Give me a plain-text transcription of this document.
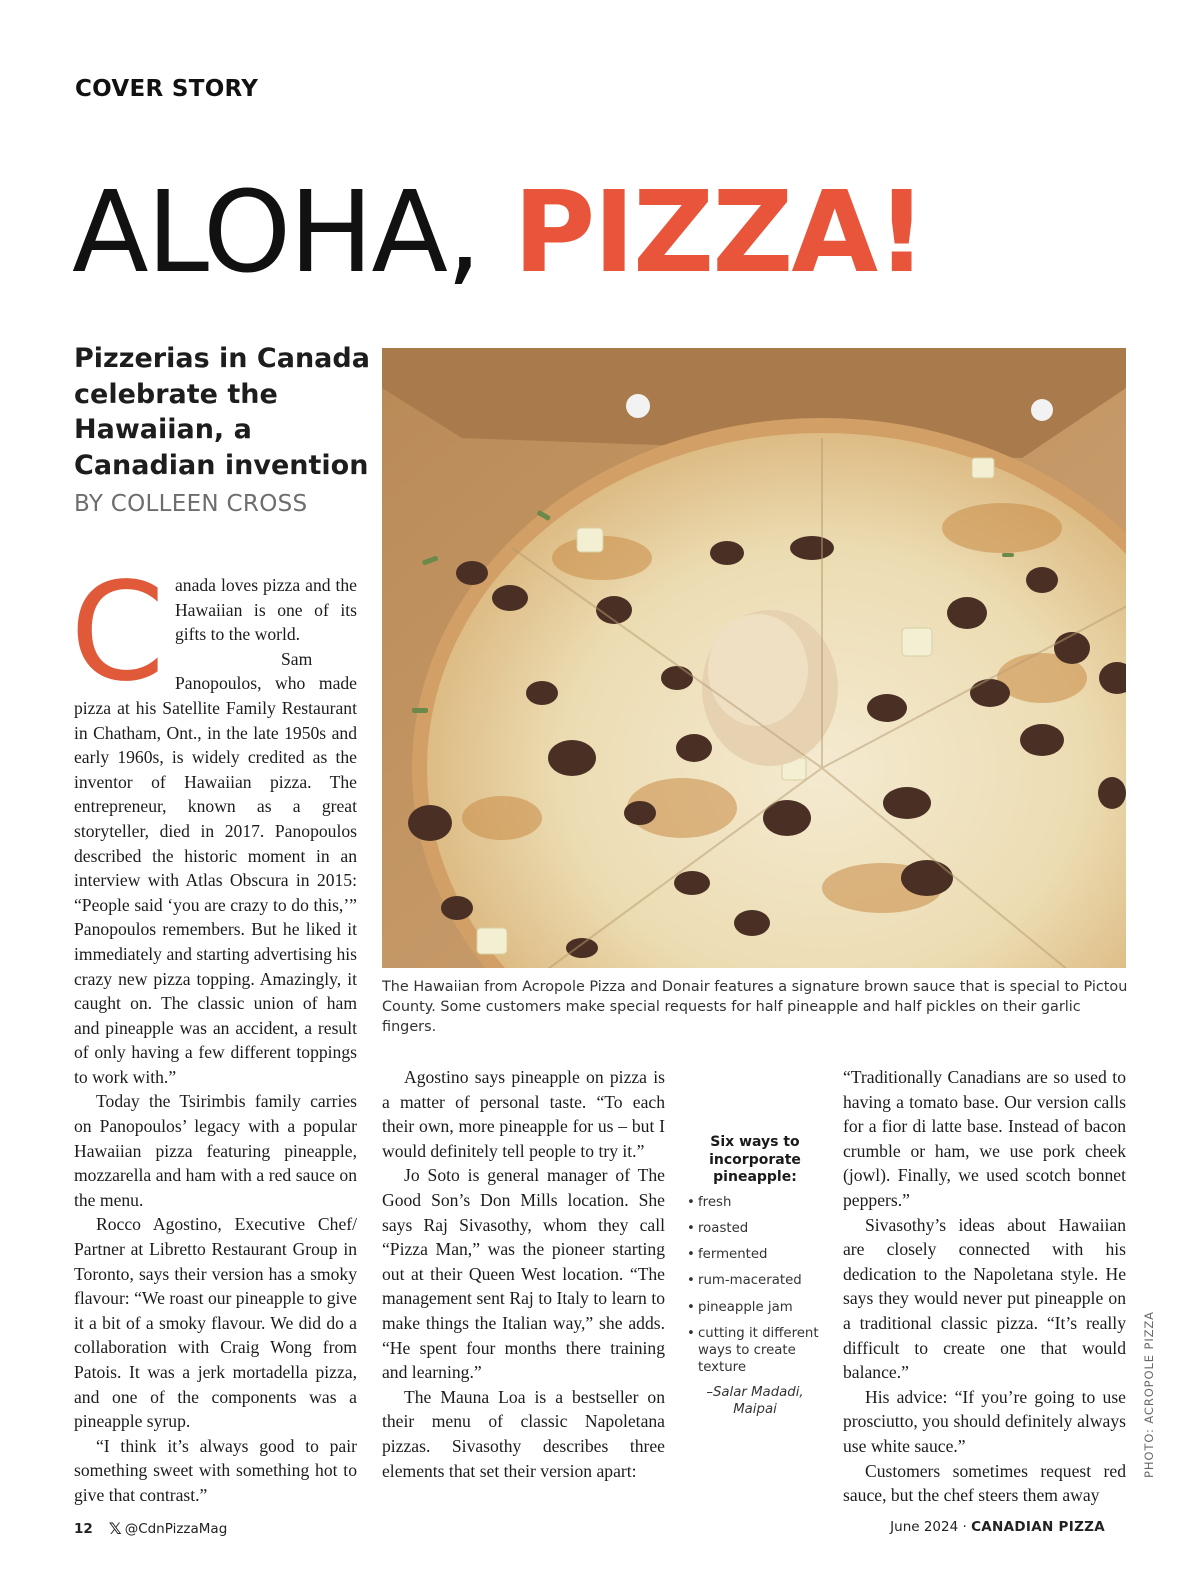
COVER STORY
ALOHA, PIZZA!
Pizzerias in Canada celebrate the Hawaiian, a Canadian invention
BY COLLEEN CROSS
The Hawaiian from Acropole Pizza and Donair features a signature brown sauce that is special to Pictou County. Some customers make special requests for half pineapple and half pickles on their garlic fingers.
C anada loves pizza and the Hawaiian is one of its gifts to the world.

Sam Panopoulos, who made pizza at his Satellite Family Restaurant in Chatham, Ont., in the late 1950s and early 1960s, is widely credited as the inventor of Hawaiian pizza. The entrepreneur, known as a great storyteller, died in 2017. Panopoulos described the historic moment in an interview with Atlas Obscura in 2015: “People said ‘you are crazy to do this,’” Panopoulos remembers. But he liked it immediately and starting advertising his crazy new pizza topping. Amazingly, it caught on. The classic union of ham and pineapple was an accident, a result of only having a few different toppings to work with.”

Today the Tsirimbis family carries on Panopoulos’ legacy with a popular Hawaiian pizza featuring pineapple, mozzarella and ham with a red sauce on the menu.

Rocco Agostino, Executive Chef/ Partner at Libretto Restaurant Group in Toronto, says their version has a smoky flavour: “We roast our pineapple to give it a bit of a smoky flavour. We did do a collaboration with Craig Wong from Patois. It was a jerk mortadella pizza, and one of the components was a pineapple syrup.

“I think it’s always good to pair something sweet with something hot to give that contrast.”

Agostino says pineapple on pizza is a matter of personal taste. “To each their own, more pineapple for us – but I would definitely tell people to try it.”

Jo Soto is general manager of The Good Son’s Don Mills location. She says Raj Sivasothy, whom they call “Pizza Man,” was the pioneer starting out at their Queen West location. “The management sent Raj to Italy to learn to make things the Italian way,” she adds. “He spent four months there training and learning.”

The Mauna Loa is a bestseller on their menu of classic Napoletana pizzas. Sivasothy describes three elements that set their version apart:

Six ways to incorporate pineapple:
• fresh
• roasted
• fermented
• rum-macerated
• pineapple jam
• cutting it different ways to create texture
–Salar Madadi, Maipai

“Traditionally Canadians are so used to having a tomato base. Our version calls for a fior di latte base. Instead of bacon crumble or ham, we use pork cheek (jowl). Finally, we used scotch bonnet peppers.”

Sivasothy’s ideas about Hawaiian are closely connected with his dedication to the Napoletana style. He says they would never put pineapple on a traditional classic pizza. “It’s really difficult to create one that would balance.”

His advice: “If you’re going to use prosciutto, you should definitely always use white sauce.”

Customers sometimes request red sauce, but the chef steers them away

PHOTO: ACROPOLE PIZZA
12 𝕏 @CdnPizzaMag	June 2024 · CANADIAN PIZZA
